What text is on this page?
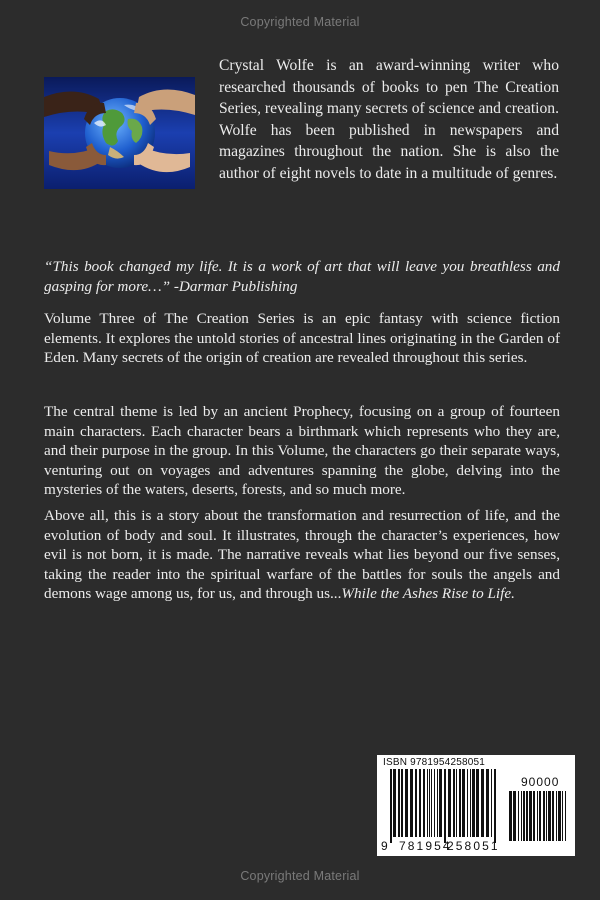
Copyrighted Material

Crystal Wolfe is an award-winning writer who researched thousands of books to pen The Creation Series, revealing many secrets of science and creation. Wolfe has been published in newspapers and magazines throughout the nation. She is also the author of eight novels to date in a multitude of genres.

“This book changed my life. It is a work of art that will leave you breathless and gasping for more…” -Darmar Publishing

Volume Three of The Creation Series is an epic fantasy with science fiction elements. It explores the untold stories of ancestral lines originating in the Garden of Eden. Many secrets of the origin of creation are revealed throughout this series.

The central theme is led by an ancient Prophecy, focusing on a group of fourteen main characters. Each character bears a birthmark which represents who they are, and their purpose in the group. In this Volume, the characters go their separate ways, venturing out on voyages and adventures spanning the globe, delving into the mysteries of the waters, deserts, forests, and so much more.

Above all, this is a story about the transformation and resurrection of life, and the evolution of body and soul. It illustrates, through the character’s experiences, how evil is not born, it is made. The narrative reveals what lies beyond our five senses, taking the reader into the spiritual warfare of the battles for souls the angels and demons wage among us, for us, and through us...While the Ashes Rise to Life.

ISBN 9781954258051
90000
9 781954
258051
Copyrighted Material
